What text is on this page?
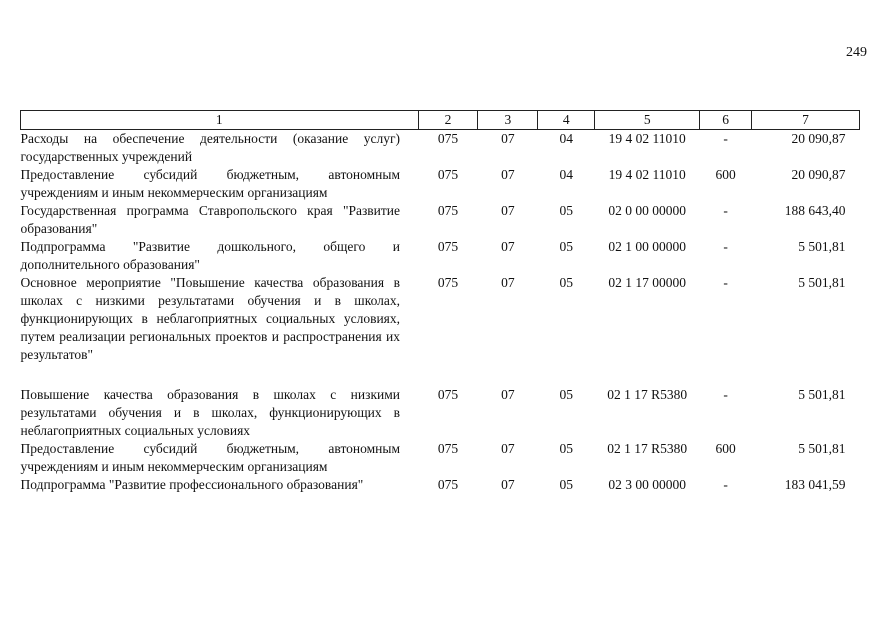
249
1	2	3	4	5	6	7
Расходы на обеспечение деятельности (оказание услуг) государственных учреждений	075	07	04	19 4 02 11010	-	20 090,87
Предоставление субсидий бюджетным, автономным учреждениям и иным некоммерческим организациям	075	07	04	19 4 02 11010	600	20 090,87
Государственная программа Ставропольского края "Развитие образования"	075	07	05	02 0 00 00000	-	188 643,40
Подпрограмма "Развитие дошкольного, общего и дополнительного образования"	075	07	05	02 1 00 00000	-	5 501,81
Основное мероприятие "Повышение качества образования в школах с низкими результатами обучения и в школах, функционирующих в неблагоприятных социальных условиях, путем реализации региональных проектов и распространения их результатов"	075	07	05	02 1 17 00000	-	5 501,81
Повышение качества образования в школах с низкими результатами обучения и в школах, функционирующих в неблагоприятных социальных условиях	075	07	05	02 1 17 R5380	-	5 501,81
Предоставление субсидий бюджетным, автономным учреждениям и иным некоммерческим организациям	075	07	05	02 1 17 R5380	600	5 501,81
Подпрограмма "Развитие профессионального образования"	075	07	05	02 3 00 00000	-	183 041,59
